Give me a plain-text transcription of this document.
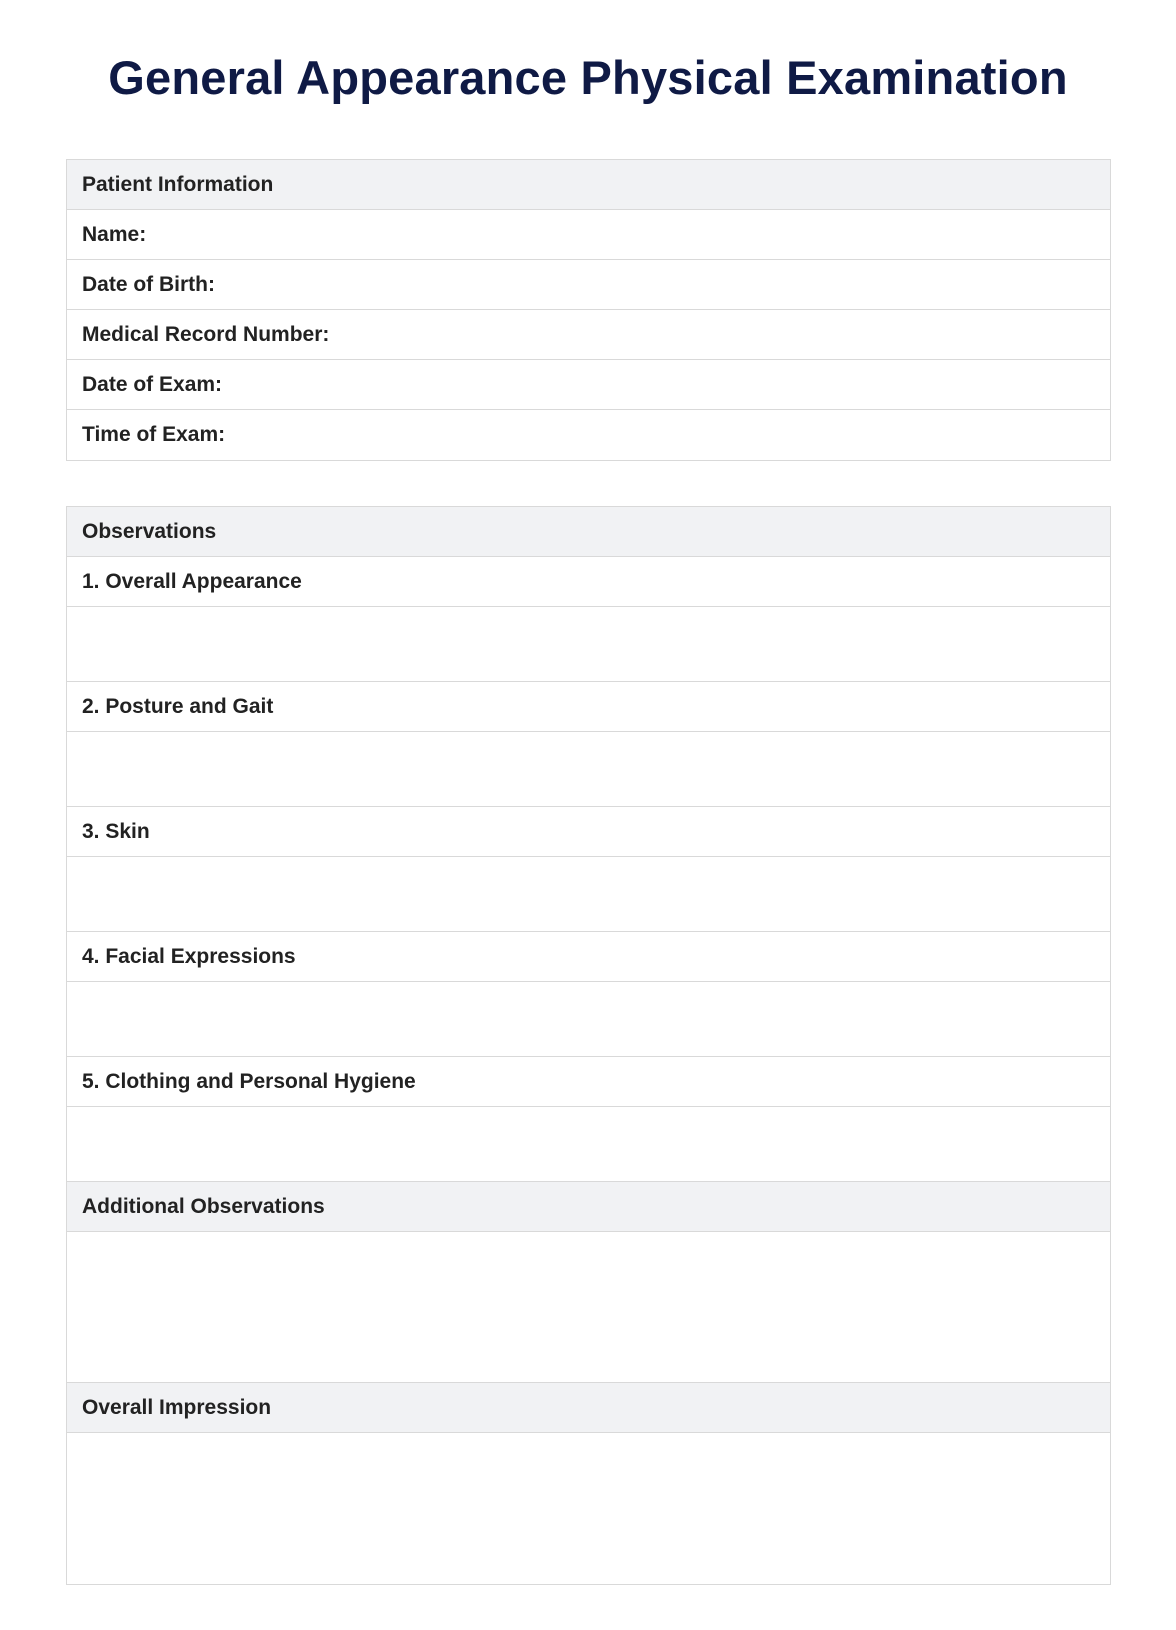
General Appearance Physical Examination
Patient Information
Name:
Date of Birth:
Medical Record Number:
Date of Exam:
Time of Exam:
Observations
1. Overall Appearance
2. Posture and Gait
3. Skin
4. Facial Expressions
5. Clothing and Personal Hygiene
Additional Observations
Overall Impression
